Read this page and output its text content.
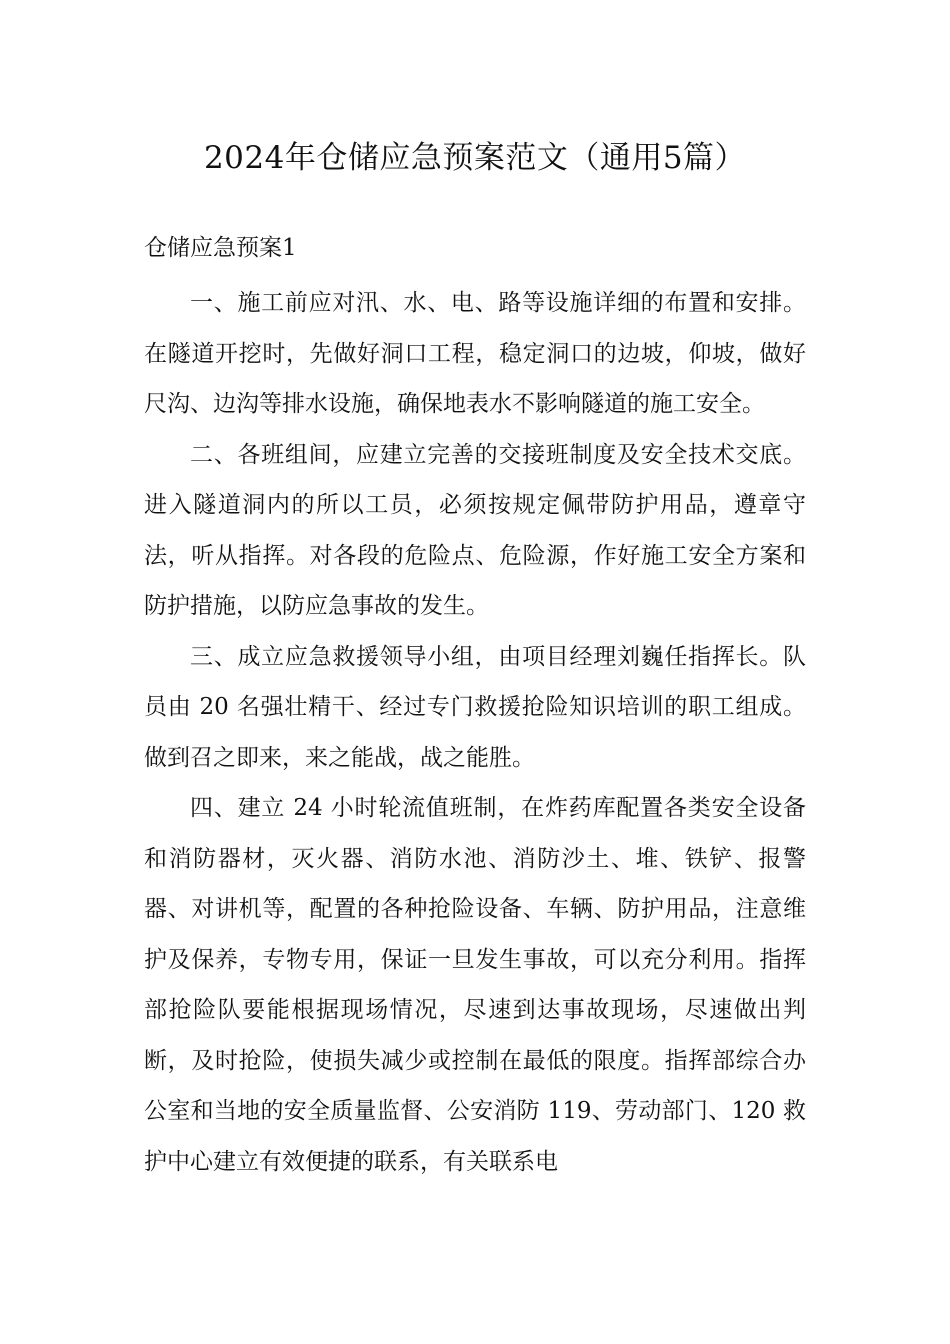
2024年仓储应急预案范文（通用5篇）
仓储应急预案1

一、施工前应对汛、水、电、路等设施详细的布置和安排。在隧道开挖时，先做好洞口工程，稳定洞口的边坡，仰坡，做好尺沟、边沟等排水设施，确保地表水不影响隧道的施工安全。

二、各班组间，应建立完善的交接班制度及安全技术交底。进入隧道洞内的所以工员，必须按规定佩带防护用品，遵章守法，听从指挥。对各段的危险点、危险源，作好施工安全方案和防护措施，以防应急事故的发生。

三、成立应急救援领导小组，由项目经理刘巍任指挥长。队员由 20 名强壮精干、经过专门救援抢险知识培训的职工组成。做到召之即来，来之能战，战之能胜。

四、建立 24 小时轮流值班制，在炸药库配置各类安全设备和消防器材，灭火器、消防水池、消防沙土、堆、铁铲、报警器、对讲机等，配置的各种抢险设备、车辆、防护用品，注意维护及保养，专物专用，保证一旦发生事故，可以充分利用。指挥部抢险队要能根据现场情况，尽速到达事故现场，尽速做出判断，及时抢险，使损失减少或控制在最低的限度。指挥部综合办公室和当地的安全质量监督、公安消防 119、劳动部门、120 救护中心建立有效便捷的联系，有关联系电
